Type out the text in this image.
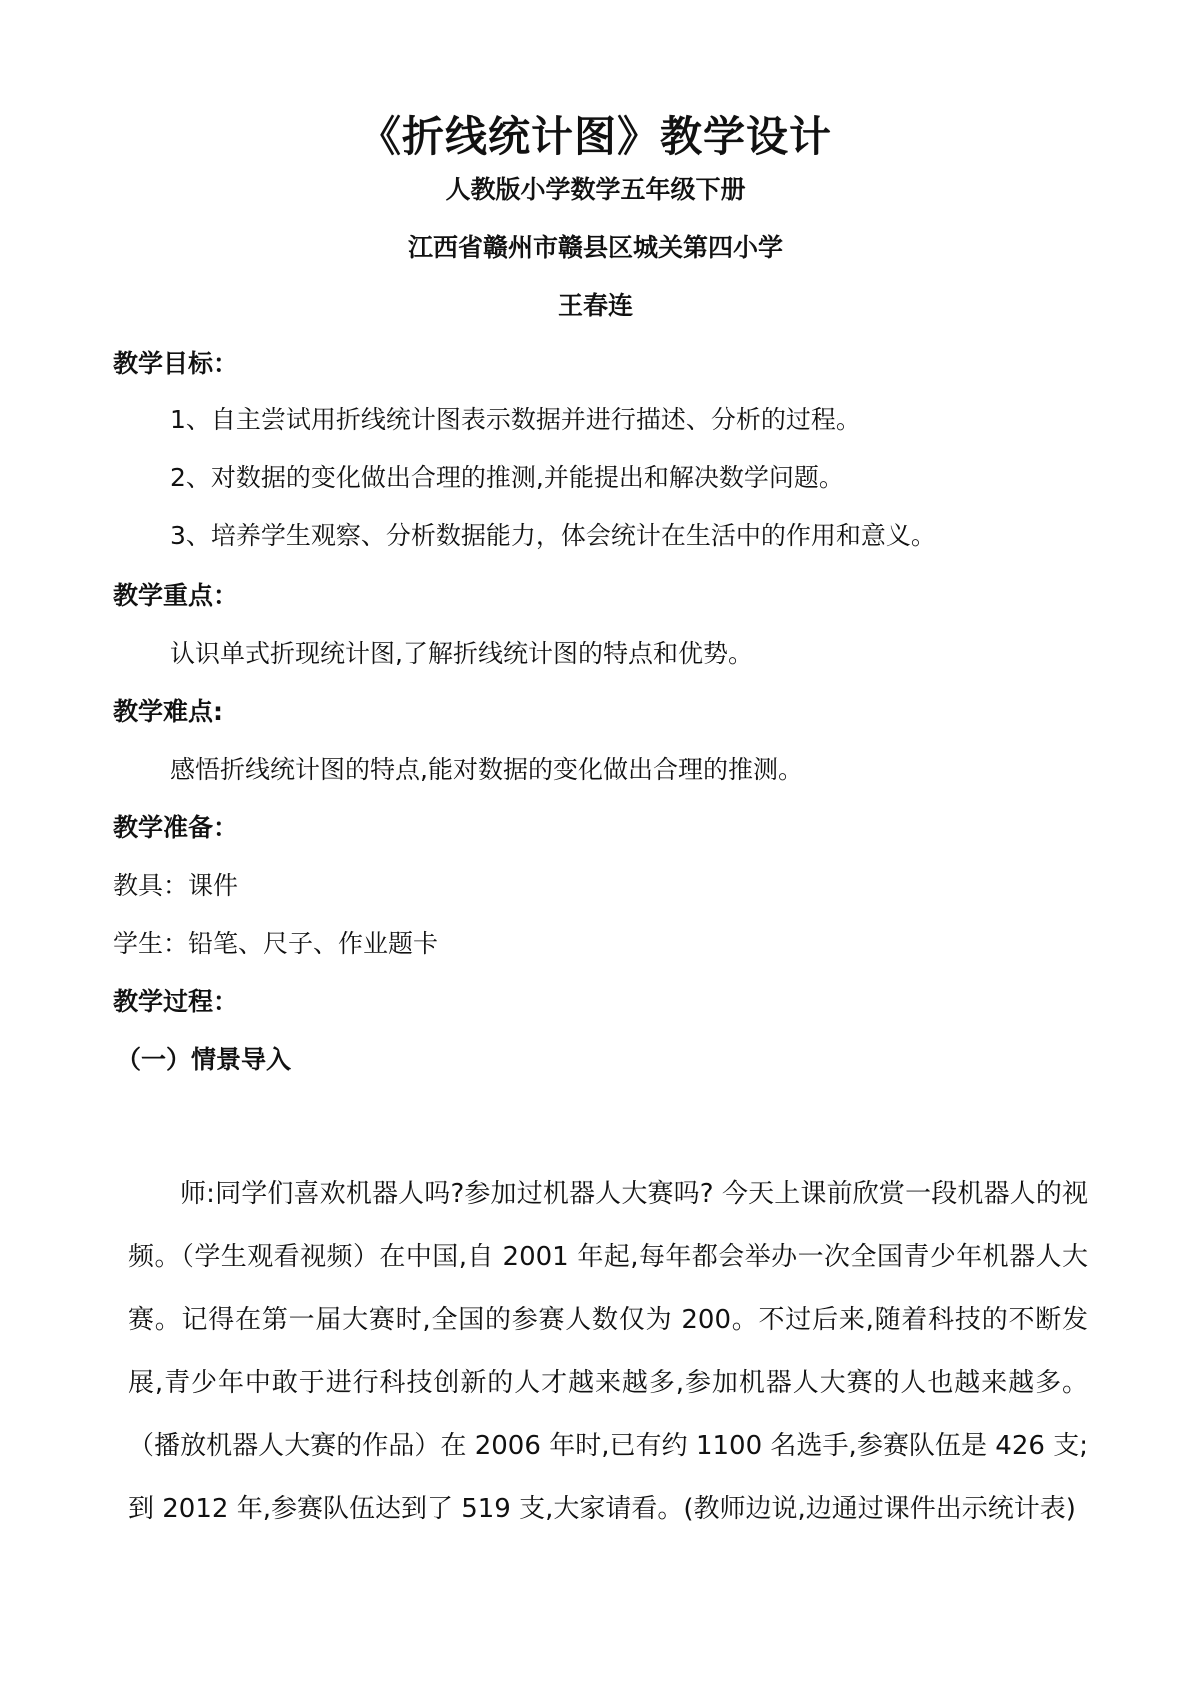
《折线统计图》教学设计
人教版小学数学五年级下册
江西省赣州市赣县区城关第四小学
王春连
教学目标：
1、自主尝试用折线统计图表示数据并进行描述、分析的过程。
2、对数据的变化做出合理的推测,并能提出和解决数学问题。
3、培养学生观察、分析数据能力，体会统计在生活中的作用和意义。
教学重点：
认识单式折现统计图,了解折线统计图的特点和优势。
教学难点:
感悟折线统计图的特点,能对数据的变化做出合理的推测。
教学准备：
教具：课件
学生：铅笔、尺子、作业题卡
教学过程：
（一）情景导入
师:同学们喜欢机器人吗?参加过机器人大赛吗? 今天上课前欣赏一段机器人的视频。（学生观看视频）在中国,自 2001 年起,每年都会举办一次全国青少年机器人大赛。记得在第一届大赛时,全国的参赛人数仅为 200。不过后来,随着科技的不断发展,青少年中敢于进行科技创新的人才越来越多,参加机器人大赛的人也越来越多。（播放机器人大赛的作品）在 2006 年时,已有约 1100 名选手,参赛队伍是 426 支;到 2012 年,参赛队伍达到了 519 支,大家请看。(教师边说,边通过课件出示统计表)
